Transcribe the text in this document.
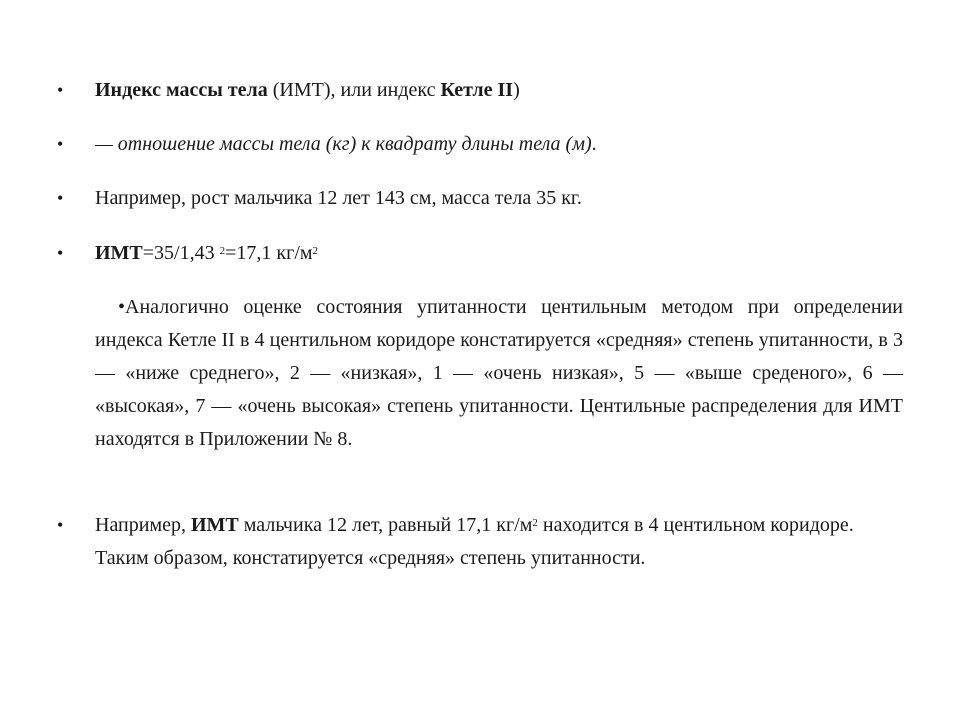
• Индекс массы тела (ИМТ), или индекс Кетле II)
• — отношение массы тела (кг) к квадрату длины тела (м).
• Например, рост мальчика 12 лет 143 см, масса тела 35 кг.
• ИМТ=35/1,43 $^2$=17,1 $кг/м^2$
•Аналогично оценке состояния упитанности центильным методом при определении индекса Кетле II в 4 центильном коридоре констатируется «средняя» степень упитанности, в 3 — «ниже среднего», 2 — «низкая», 1 — «очень низкая», 5 — «выше среденого», 6 — «высокая», 7 — «очень высокая» степень упитанности. Центильные распределения для ИМТ находятся в Приложении № 8.
• Например, ИМТ мальчика 12 лет, равный 17,1 $кг/м^2$ находится в 4 центильном коридоре. Таким образом, констатируется «средняя» степень упитанности.
